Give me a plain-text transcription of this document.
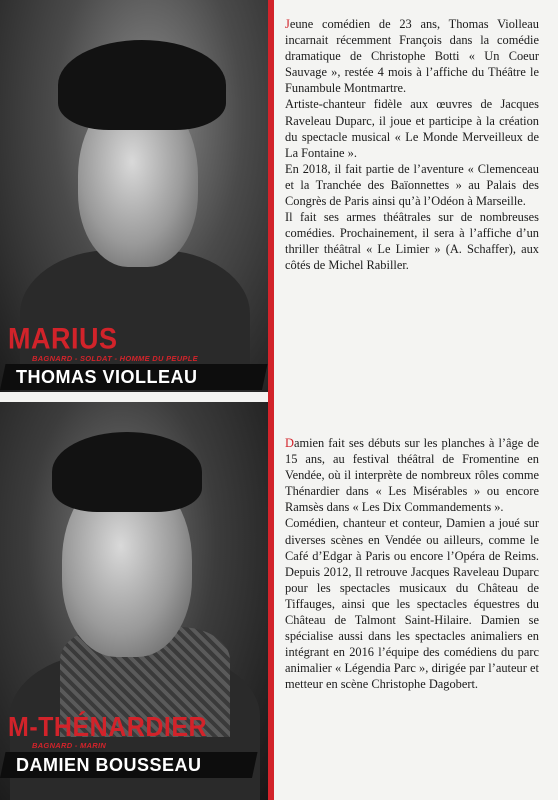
MARIUS
BAGNARD - SOLDAT - HOMME DU PEUPLE
THOMAS VIOLLEAU
M-THÉNARDIER
BAGNARD - MARIN
DAMIEN BOUSSEAU

Jeune comédien de 23 ans, Thomas Violleau incarnait récemment François dans la comédie dramatique de Christophe Botti « Un Coeur Sauvage », restée 4 mois à l’affiche du Théâtre le Funambule Montmartre.

Artiste-chanteur fidèle aux œuvres de Jacques Raveleau Duparc, il joue et participe à la création du spectacle musical « Le Monde Merveilleux de La Fontaine ».

En 2018, il fait partie de l’aventure « Clemenceau et la Tranchée des Baïonnettes » au Palais des Congrès de Paris ainsi qu’à l’Odéon à Marseille.

Il fait ses armes théâtrales sur de nombreuses comédies. Prochainement, il sera à l’affiche d’un thriller théâtral « Le Limier » (A. Schaffer), aux côtés de Michel Rabiller.

Damien fait ses débuts sur les planches à l’âge de 15 ans, au festival théâtral de Fromentine en Vendée, où il interprète de nombreux rôles comme Thénardier dans « Les Misérables » ou encore Ramsès dans « Les Dix Commandements ».

Comédien, chanteur et conteur, Damien a joué sur diverses scènes en Vendée ou ailleurs, comme le Café d’Edgar à Paris ou encore l’Opéra de Reims. Depuis 2012, Il retrouve Jacques Raveleau Duparc pour les spectacles musicaux du Château de Tiffauges, ainsi que les spectacles équestres du Château de Talmont Saint-Hilaire. Damien se spécialise aussi dans les spectacles animaliers en intégrant en 2016 l’équipe des comédiens du parc animalier « Légendia Parc », dirigée par l’auteur et metteur en scène Christophe Dagobert.
